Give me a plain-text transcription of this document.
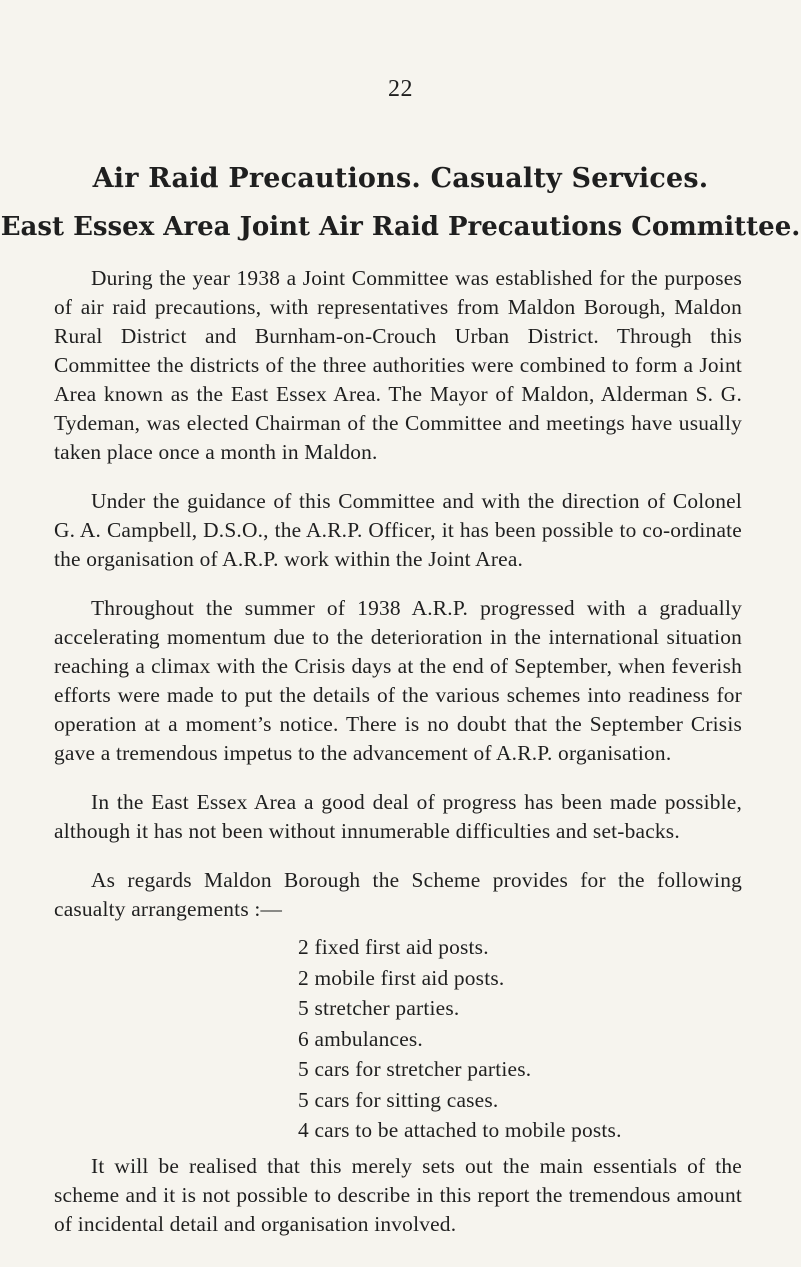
22
Air Raid Precautions. Casualty Services.
East Essex Area Joint Air Raid Precautions Committee.

During the year 1938 a Joint Committee was established for the purposes of air raid precautions, with representatives from Maldon Borough, Maldon Rural District and Burnham-on-Crouch Urban District. Through this Committee the districts of the three authorities were combined to form a Joint Area known as the East Essex Area. The Mayor of Maldon, Alderman S. G. Tydeman, was elected Chairman of the Committee and meetings have usually taken place once a month in Maldon.

Under the guidance of this Committee and with the direction of Colonel G. A. Campbell, D.S.O., the A.R.P. Officer, it has been possible to co-ordinate the organisation of A.R.P. work within the Joint Area.

Throughout the summer of 1938 A.R.P. progressed with a gradually accelerating momentum due to the deterioration in the international situation reaching a climax with the Crisis days at the end of September, when feverish efforts were made to put the details of the various schemes into readiness for operation at a moment’s notice. There is no doubt that the September Crisis gave a tremendous impetus to the advancement of A.R.P. organisation.

In the East Essex Area a good deal of progress has been made possible, although it has not been without innumerable difficulties and set-backs.

As regards Maldon Borough the Scheme provides for the following casualty arrangements :—

2 fixed first aid posts.
2 mobile first aid posts.
5 stretcher parties.
6 ambulances.
5 cars for stretcher parties.
5 cars for sitting cases.
4 cars to be attached to mobile posts.

It will be realised that this merely sets out the main essentials of the scheme and it is not possible to describe in this report the tremendous amount of incidental detail and organisation involved.
